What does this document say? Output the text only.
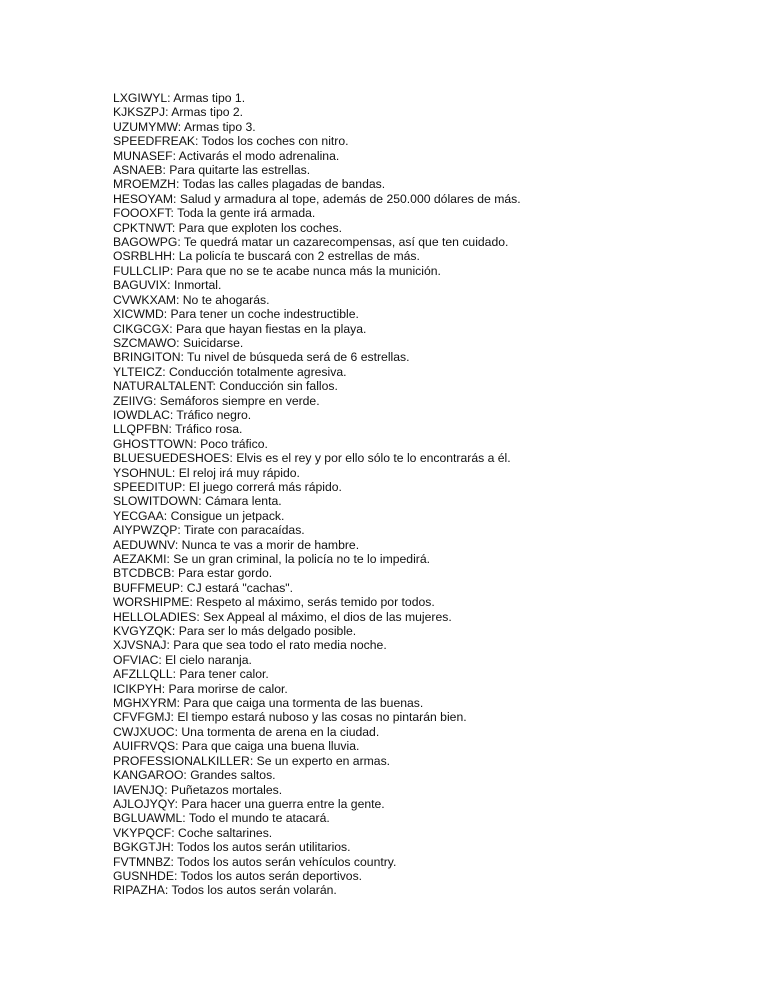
LXGIWYL: Armas tipo 1.
KJKSZPJ: Armas tipo 2.
UZUMYMW: Armas tipo 3.
SPEEDFREAK: Todos los coches con nitro.
MUNASEF: Activarás el modo adrenalina.
ASNAEB: Para quitarte las estrellas.
MROEMZH: Todas las calles plagadas de bandas.
HESOYAM: Salud y armadura al tope, además de 250.000 dólares de más.
FOOOXFT: Toda la gente irá armada.
CPKTNWT: Para que exploten los coches.
BAGOWPG: Te quedrá matar un cazarecompensas, así que ten cuidado.
OSRBLHH: La policía te buscará con 2 estrellas de más.
FULLCLIP: Para que no se te acabe nunca más la munición.
BAGUVIX: Inmortal.
CVWKXAM: No te ahogarás.
XICWMD: Para tener un coche indestructible.
CIKGCGX: Para que hayan fiestas en la playa.
SZCMAWO: Suicidarse.
BRINGITON: Tu nivel de búsqueda será de 6 estrellas.
YLTEICZ: Conducción totalmente agresiva.
NATURALTALENT: Conducción sin fallos.
ZEIIVG: Semáforos siempre en verde.
IOWDLAC: Tráfico negro.
LLQPFBN: Tráfico rosa.
GHOSTTOWN: Poco tráfico.
BLUESUEDESHOES: Elvis es el rey y por ello sólo te lo encontrarás a él.
YSOHNUL: El reloj irá muy rápido.
SPEEDITUP: El juego correrá más rápido.
SLOWITDOWN: Cámara lenta.
YECGAA: Consigue un jetpack.
AIYPWZQP: Tirate con paracaídas.
AEDUWNV: Nunca te vas a morir de hambre.
AEZAKMI: Se un gran criminal, la policía no te lo impedirá.
BTCDBCB: Para estar gordo.
BUFFMEUP: CJ estará "cachas".
WORSHIPME: Respeto al máximo, serás temido por todos.
HELLOLADIES: Sex Appeal al máximo, el dios de las mujeres.
KVGYZQK: Para ser lo más delgado posible.
XJVSNAJ: Para que sea todo el rato media noche.
OFVIAC: El cielo naranja.
AFZLLQLL: Para tener calor.
ICIKPYH: Para morirse de calor.
MGHXYRM: Para que caiga una tormenta de las buenas.
CFVFGMJ: El tiempo estará nuboso y las cosas no pintarán bien.
CWJXUOC: Una tormenta de arena en la ciudad.
AUIFRVQS: Para que caiga una buena lluvia.
PROFESSIONALKILLER: Se un experto en armas.
KANGAROO: Grandes saltos.
IAVENJQ: Puñetazos mortales.
AJLOJYQY: Para hacer una guerra entre la gente.
BGLUAWML: Todo el mundo te atacará.
VKYPQCF: Coche saltarines.
BGKGTJH: Todos los autos serán utilitarios.
FVTMNBZ: Todos los autos serán vehículos country.
GUSNHDE: Todos los autos serán deportivos.
RIPAZHA: Todos los autos serán volarán.
